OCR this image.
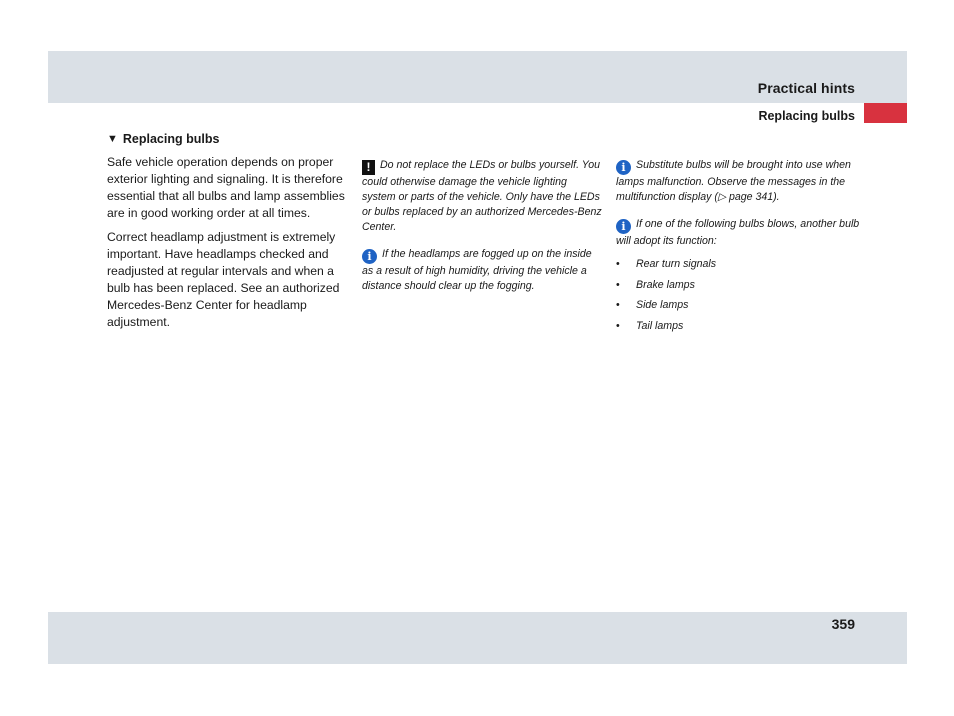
Practical hints
Replacing bulbs
▼ Replacing bulbs

Safe vehicle operation depends on proper exterior lighting and signaling. It is therefore essential that all bulbs and lamp assemblies are in good working order at all times.

Correct headlamp adjustment is extremely important. Have headlamps checked and readjusted at regular intervals and when a bulb has been replaced. See an authorized Mercedes-Benz Center for headlamp adjustment.

! Do not replace the LEDs or bulbs yourself. You could otherwise damage the vehicle lighting system or parts of the vehicle. Only have the LEDs or bulbs replaced by an authorized Mercedes-Benz Center.

i If the headlamps are fogged up on the inside as a result of high humidity, driving the vehicle a distance should clear up the fogging.

i Substitute bulbs will be brought into use when lamps malfunction. Observe the messages in the multifunction display (▷ page 341).

i If one of the following bulbs blows, another bulb will adopt its function:

• Rear turn signals
• Brake lamps
• Side lamps
• Tail lamps
359
